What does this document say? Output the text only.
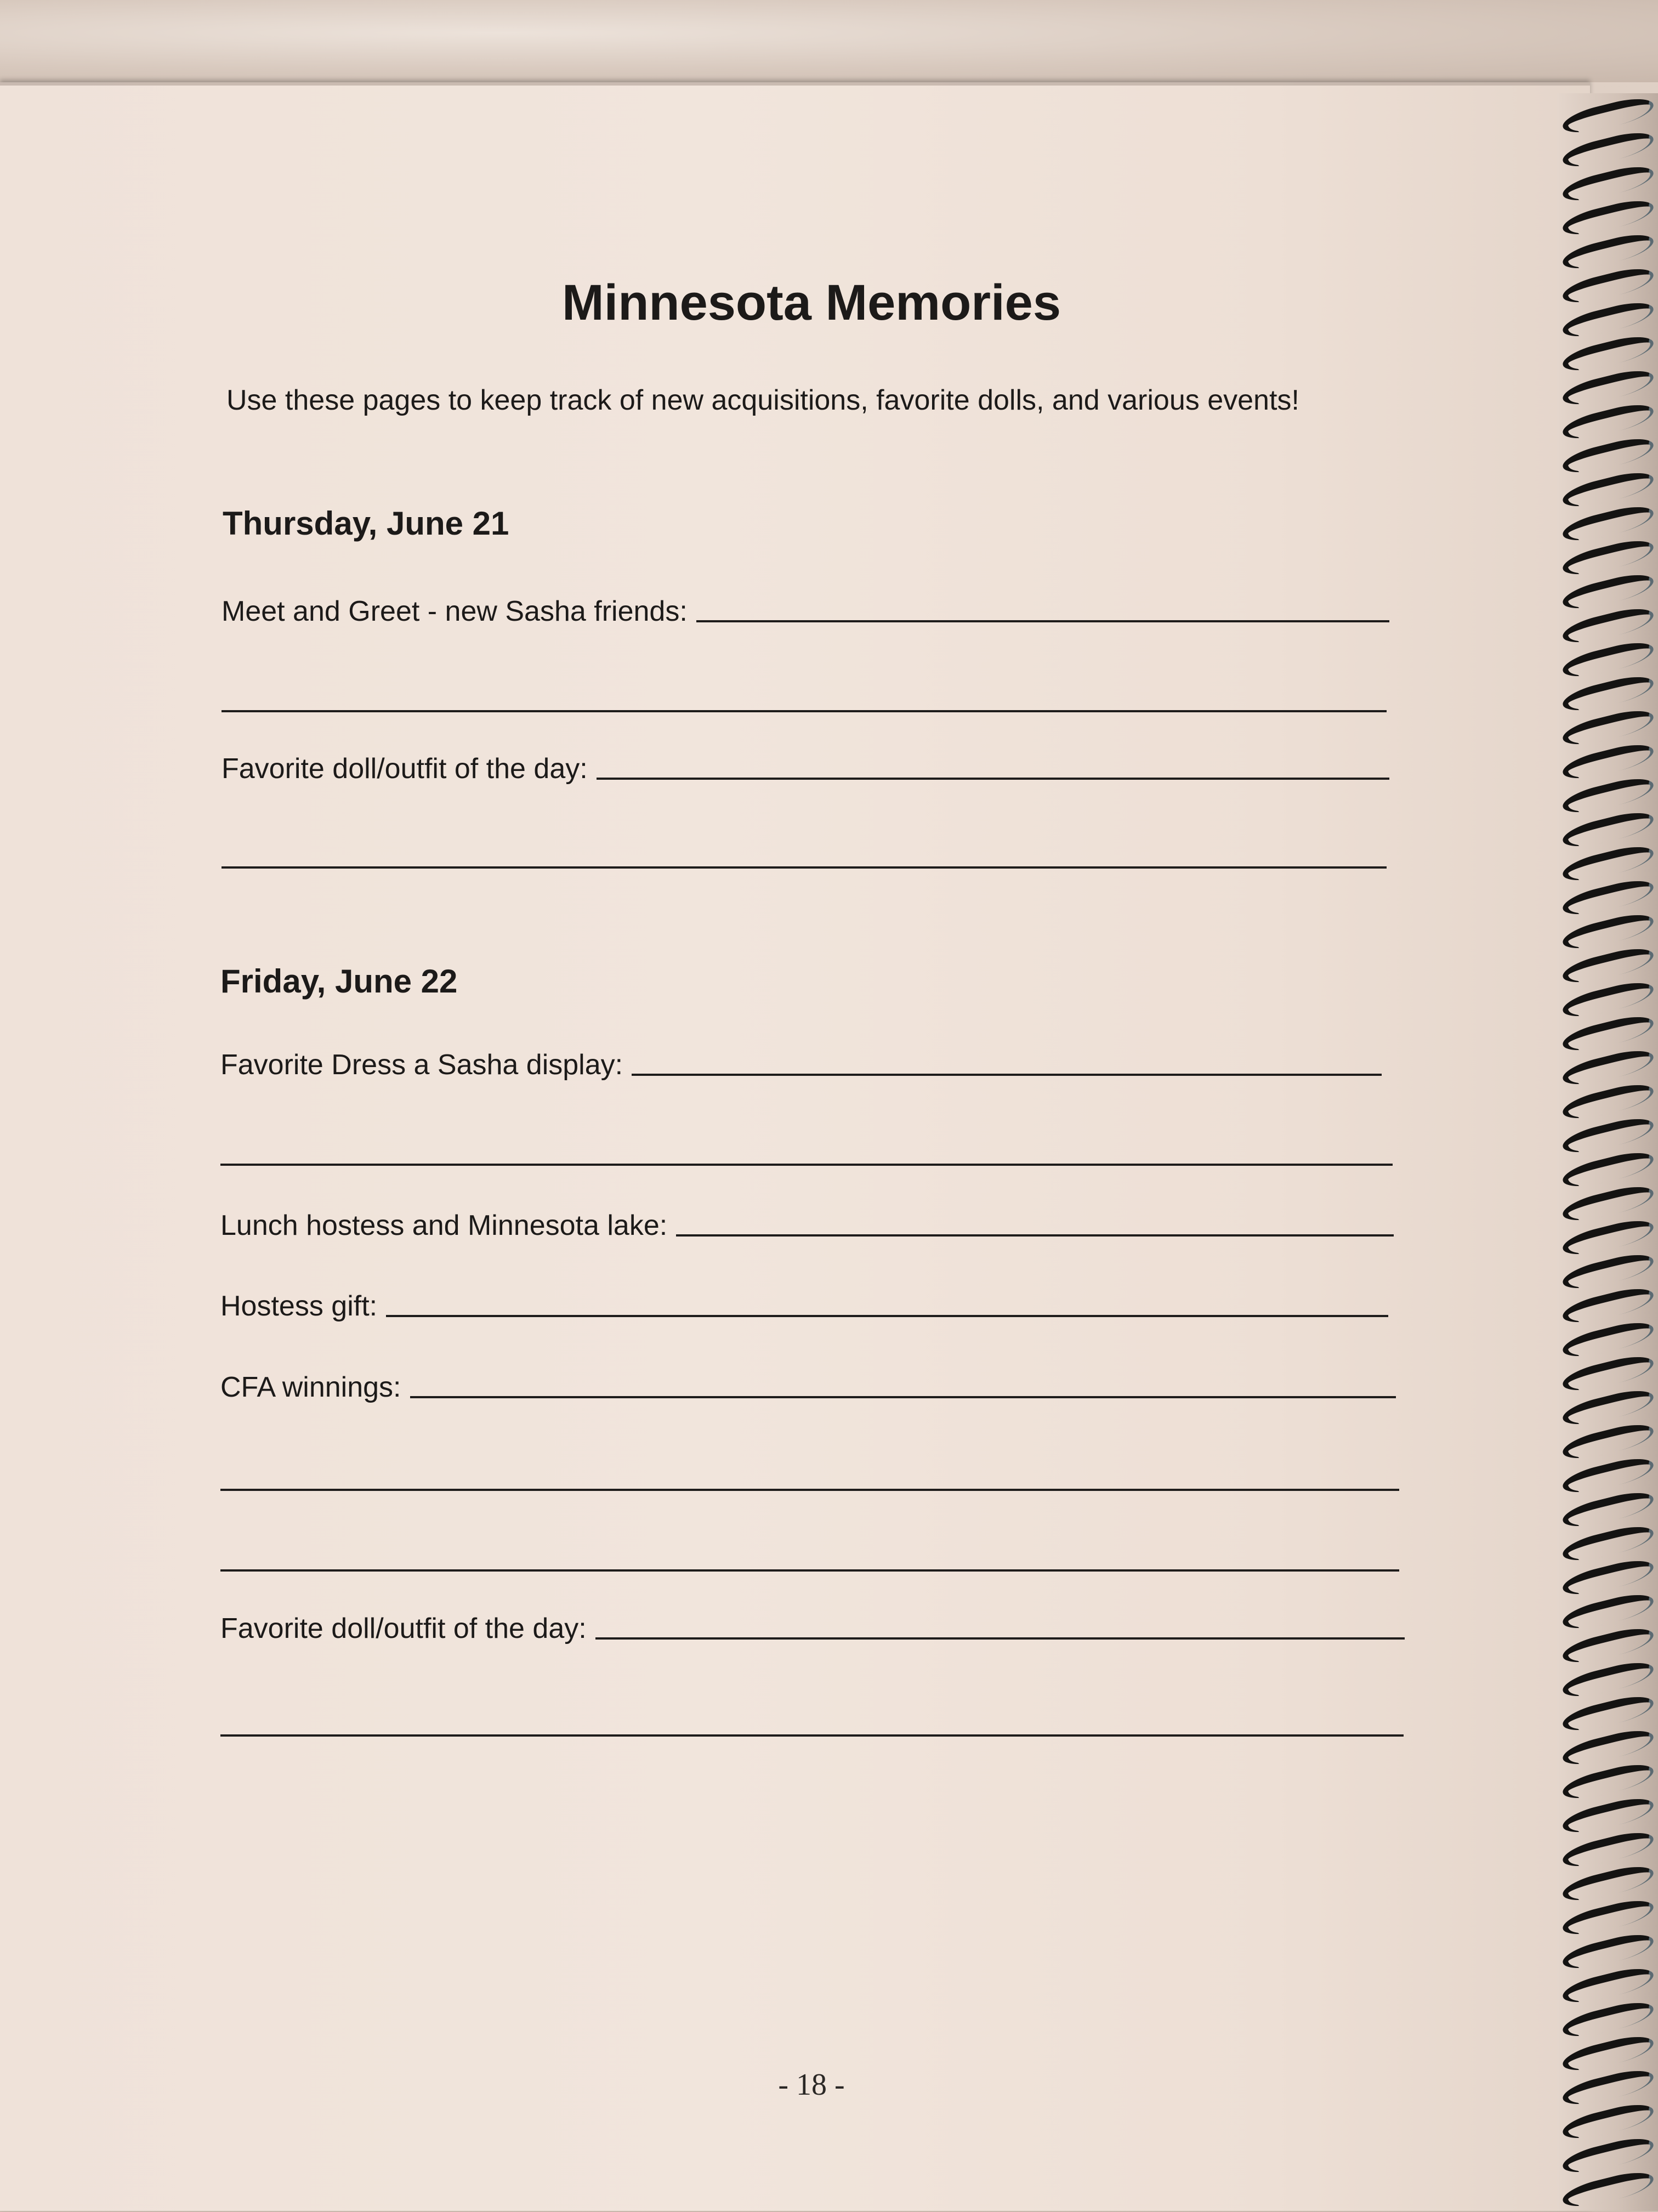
Minnesota Memories
Use these pages to keep track of new acquisitions, favorite dolls, and various events!
Thursday, June 21
Meet and Greet - new Sasha friends:
Favorite doll/outfit of the day:
Friday, June 22
Favorite Dress a Sasha display:
Lunch hostess and Minnesota lake:
Hostess gift:
CFA winnings:
Favorite doll/outfit of the day:
- 18 -
